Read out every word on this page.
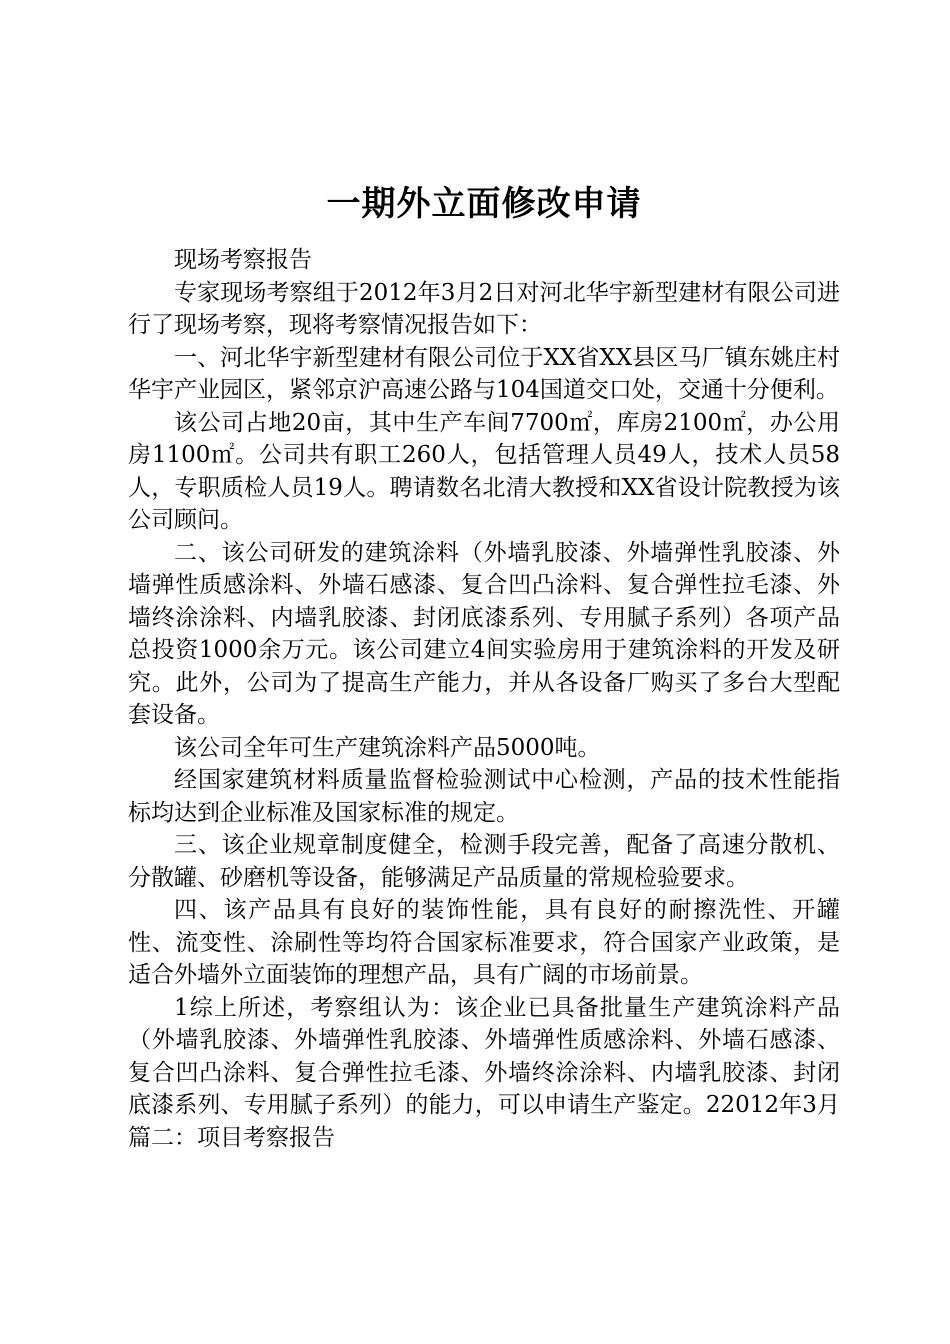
一期外立面修改申请

现场考察报告

专家现场考察组于2012年3月2日对河北华宇新型建材有限公司进行了现场考察，现将考察情况报告如下：

一、河北华宇新型建材有限公司位于XX省XX县区马厂镇东姚庄村华宇产业园区，紧邻京沪高速公路与104国道交口处，交通十分便利。

该公司占地20亩，其中生产车间7700㎡，库房2100㎡，办公用房1100㎡。公司共有职工260人，包括管理人员49人，技术人员58人，专职质检人员19人。聘请数名北清大教授和XX省设计院教授为该公司顾问。

二、该公司研发的建筑涂料（外墙乳胶漆、外墙弹性乳胶漆、外墙弹性质感涂料、外墙石感漆、复合凹凸涂料、复合弹性拉毛漆、外墙终涂涂料、内墙乳胶漆、封闭底漆系列、专用腻子系列）各项产品总投资1000余万元。该公司建立4间实验房用于建筑涂料的开发及研究。此外，公司为了提高生产能力，并从各设备厂购买了多台大型配套设备。

该公司全年可生产建筑涂料产品5000吨。

经国家建筑材料质量监督检验测试中心检测，产品的技术性能指标均达到企业标准及国家标准的规定。

三、该企业规章制度健全，检测手段完善，配备了高速分散机、分散罐、砂磨机等设备，能够满足产品质量的常规检验要求。

四、该产品具有良好的装饰性能，具有良好的耐擦洗性、开罐性、流变性、涂刷性等均符合国家标准要求，符合国家产业政策，是适合外墙外立面装饰的理想产品，具有广阔的市场前景。

1综上所述，考察组认为：该企业已具备批量生产建筑涂料产品（外墙乳胶漆、外墙弹性乳胶漆、外墙弹性质感涂料、外墙石感漆、复合凹凸涂料、复合弹性拉毛漆、外墙终涂涂料、内墙乳胶漆、封闭底漆系列、专用腻子系列）的能力，可以申请生产鉴定。22012年3月篇二：项目考察报告
